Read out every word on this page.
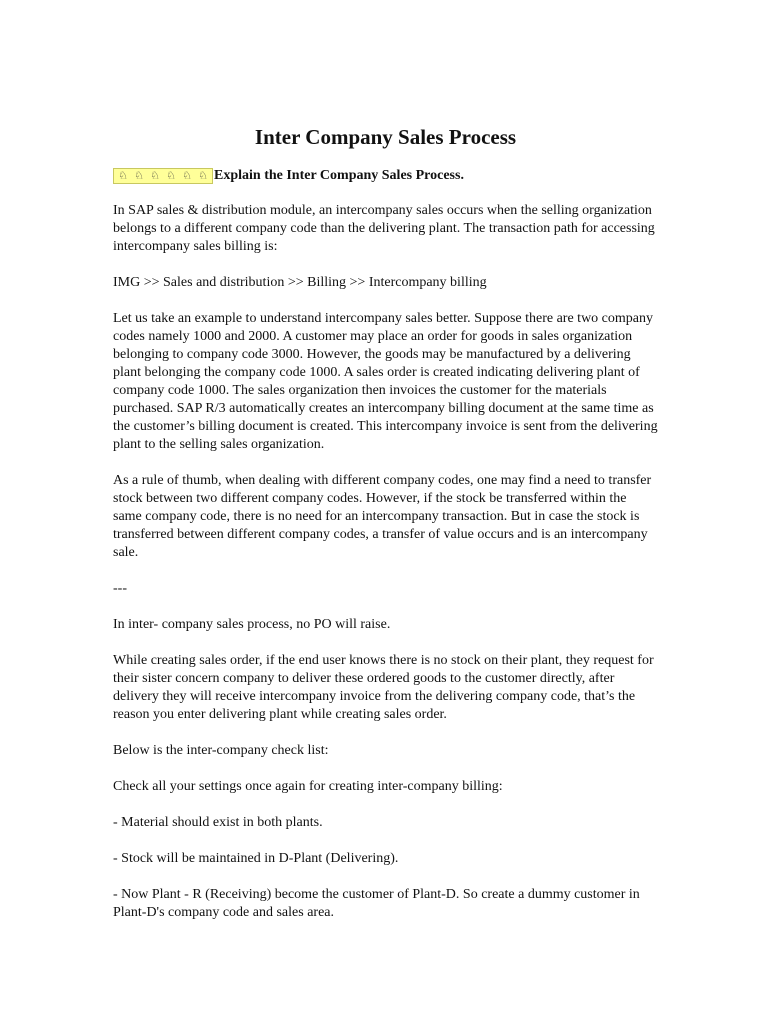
Inter Company Sales Process
♘ ♘ ♘ ♘ ♘ ♘ Explain the Inter Company Sales Process.

In SAP sales & distribution module, an intercompany sales occurs when the selling organization belongs to a different company code than the delivering plant. The transaction path for accessing intercompany sales billing is:

IMG >> Sales and distribution >> Billing >> Intercompany billing

Let us take an example to understand intercompany sales better. Suppose there are two company codes namely 1000 and 2000. A customer may place an order for goods in sales organization belonging to company code 3000. However, the goods may be manufactured by a delivering plant belonging the company code 1000. A sales order is created indicating delivering plant of company code 1000. The sales organization then invoices the customer for the materials purchased. SAP R/3 automatically creates an intercompany billing document at the same time as the customer’s billing document is created. This intercompany invoice is sent from the delivering plant to the selling sales organization.

As a rule of thumb, when dealing with different company codes, one may find a need to transfer stock between two different company codes. However, if the stock be transferred within the same company code, there is no need for an intercompany transaction. But in case the stock is transferred between different company codes, a transfer of value occurs and is an intercompany sale.

---

In inter- company sales process, no PO will raise.

While creating sales order, if the end user knows there is no stock on their plant, they request for their sister concern company to deliver these ordered goods to the customer directly, after delivery they will receive intercompany invoice from the delivering company code, that’s the reason you enter delivering plant while creating sales order.

Below is the inter-company check list:

Check all your settings once again for creating inter-company billing:

- Material should exist in both plants.

- Stock will be maintained in D-Plant (Delivering).

- Now Plant - R (Receiving) become the customer of Plant-D. So create a dummy customer in Plant-D's company code and sales area.
